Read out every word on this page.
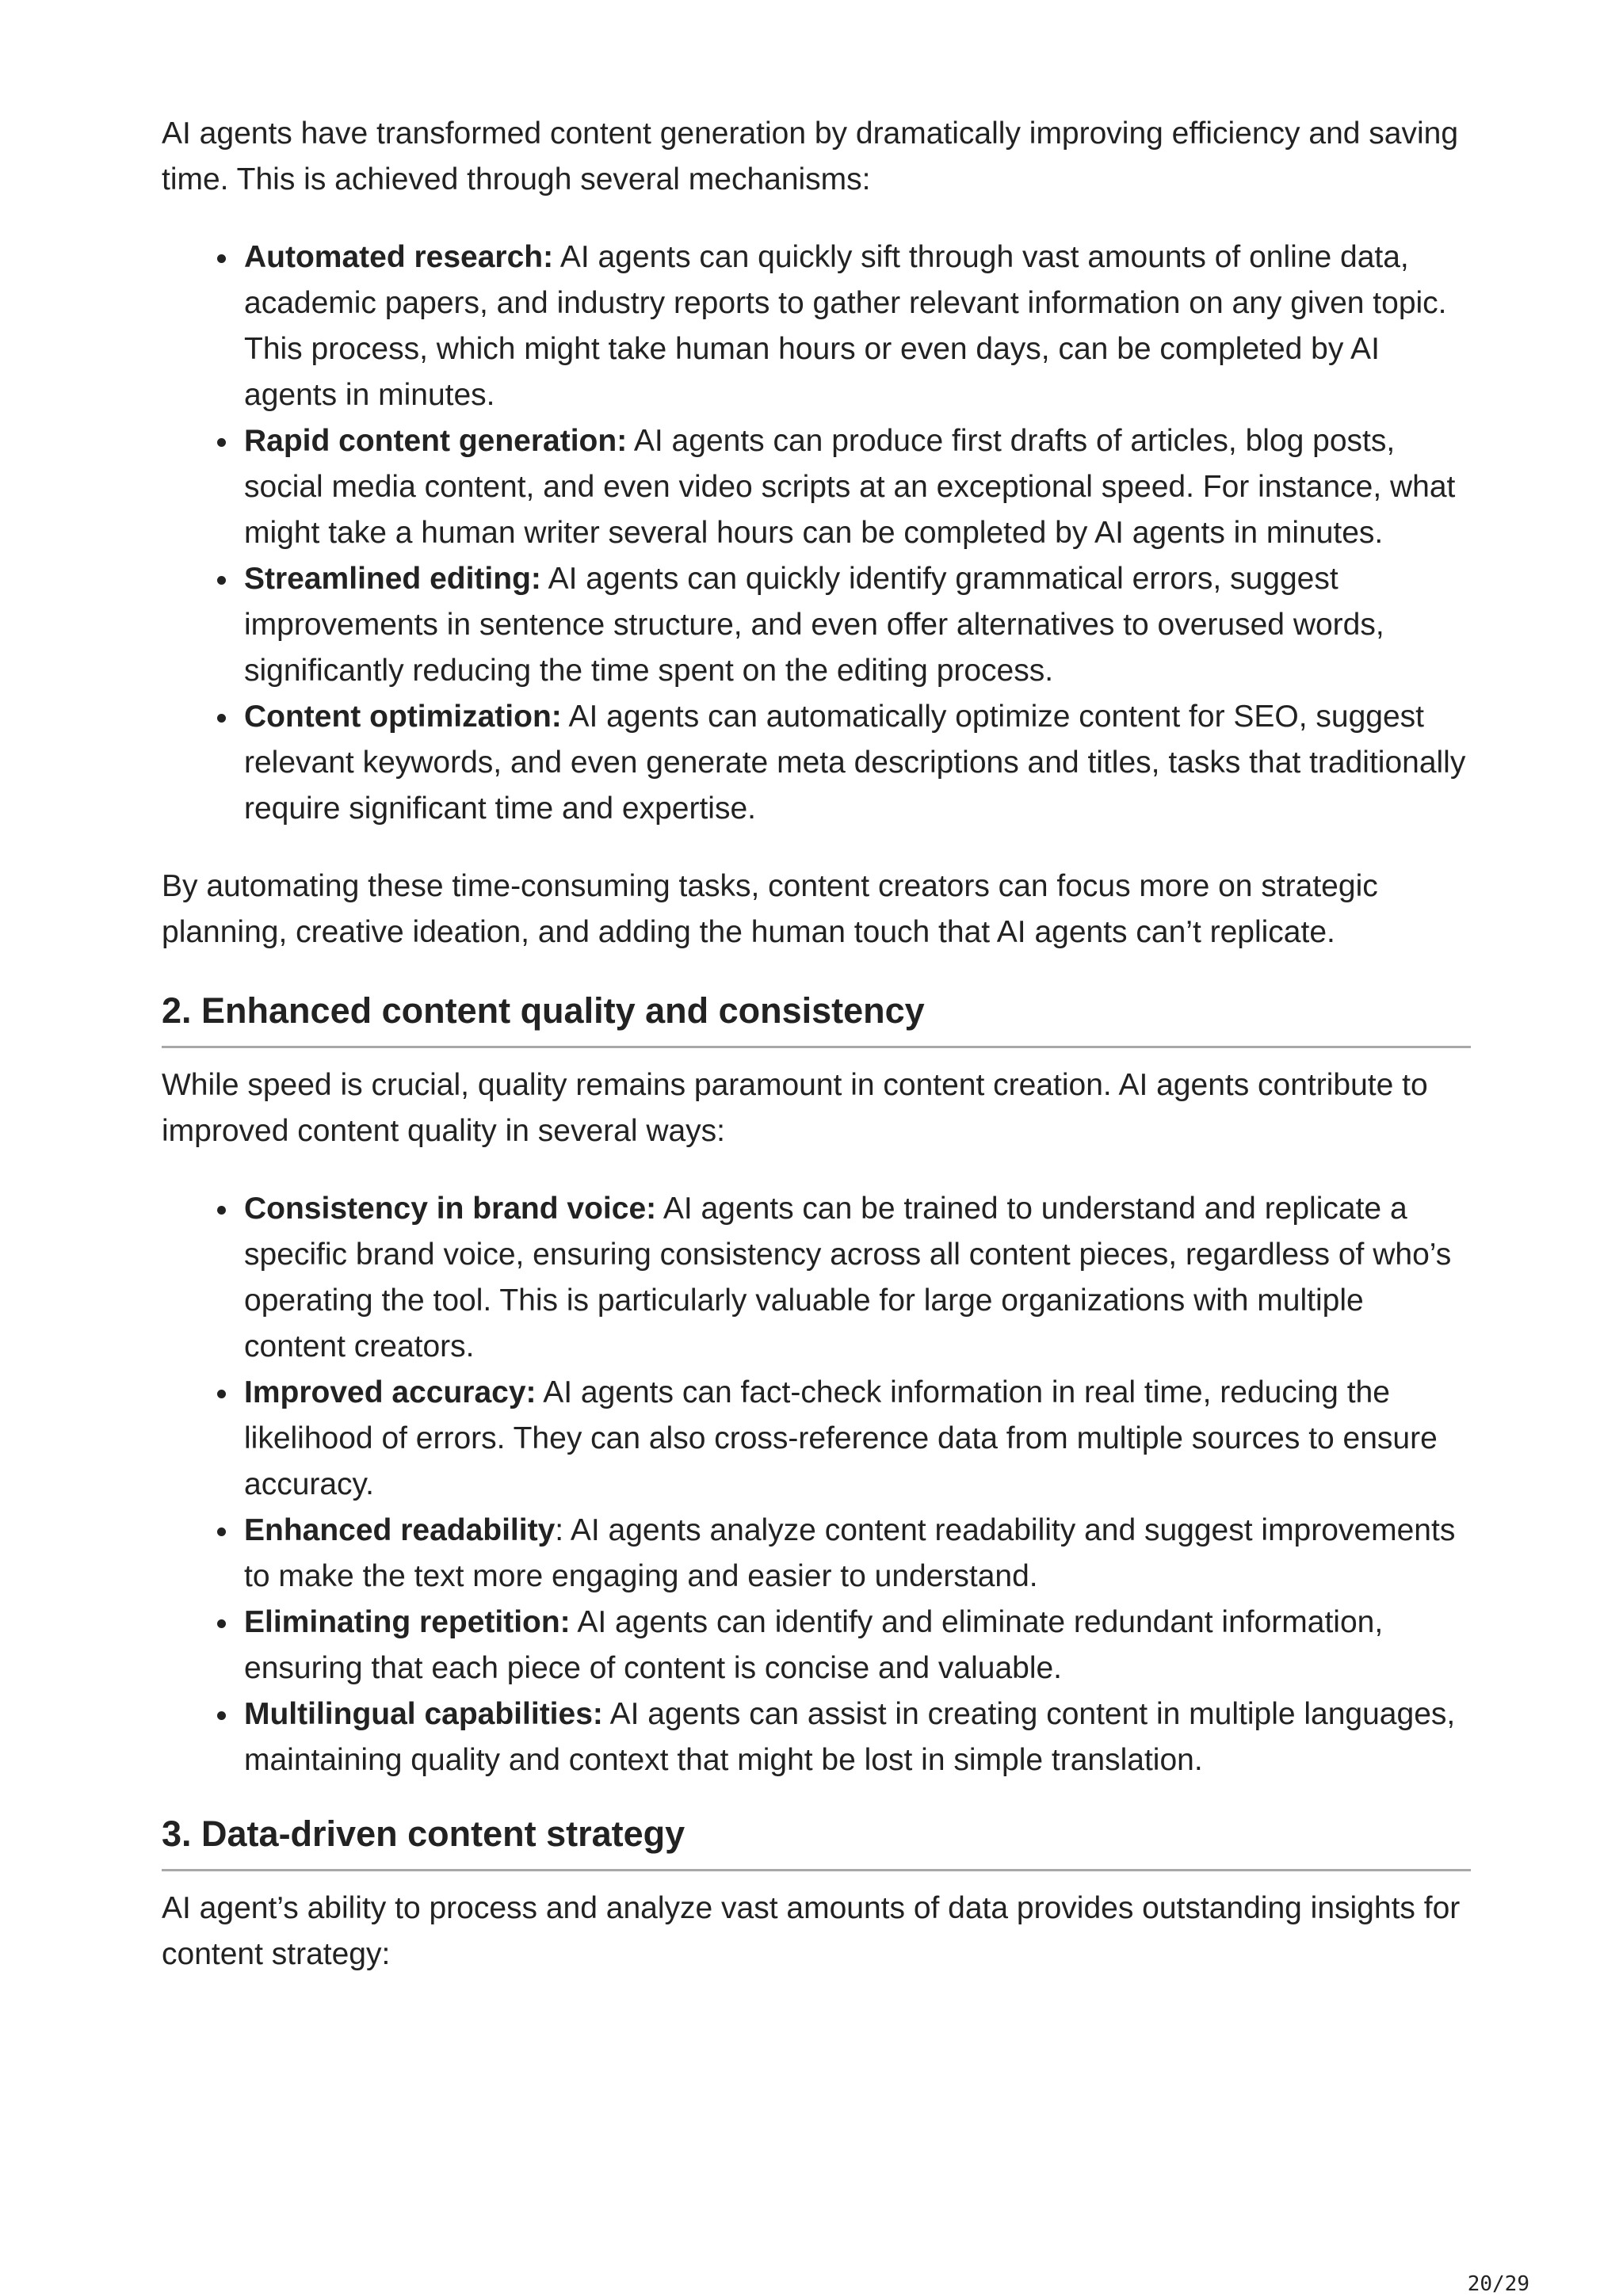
AI agents have transformed content generation by dramatically improving efficiency and saving time. This is achieved through several mechanisms:

Automated research: AI agents can quickly sift through vast amounts of online data, academic papers, and industry reports to gather relevant information on any given topic. This process, which might take human hours or even days, can be completed by AI agents in minutes.
Rapid content generation: AI agents can produce first drafts of articles, blog posts, social media content, and even video scripts at an exceptional speed. For instance, what might take a human writer several hours can be completed by AI agents in minutes.
Streamlined editing: AI agents can quickly identify grammatical errors, suggest improvements in sentence structure, and even offer alternatives to overused words, significantly reducing the time spent on the editing process.
Content optimization: AI agents can automatically optimize content for SEO, suggest relevant keywords, and even generate meta descriptions and titles, tasks that traditionally require significant time and expertise.

By automating these time-consuming tasks, content creators can focus more on strategic planning, creative ideation, and adding the human touch that AI agents can’t replicate.

2. Enhanced content quality and consistency

While speed is crucial, quality remains paramount in content creation. AI agents contribute to improved content quality in several ways:

Consistency in brand voice: AI agents can be trained to understand and replicate a specific brand voice, ensuring consistency across all content pieces, regardless of who’s operating the tool. This is particularly valuable for large organizations with multiple content creators.
Improved accuracy: AI agents can fact-check information in real time, reducing the likelihood of errors. They can also cross-reference data from multiple sources to ensure accuracy.
Enhanced readability: AI agents analyze content readability and suggest improvements to make the text more engaging and easier to understand.
Eliminating repetition: AI agents can identify and eliminate redundant information, ensuring that each piece of content is concise and valuable.
Multilingual capabilities: AI agents can assist in creating content in multiple languages, maintaining quality and context that might be lost in simple translation.
3. Data-driven content strategy

AI agent’s ability to process and analyze vast amounts of data provides outstanding insights for content strategy:

20/29
